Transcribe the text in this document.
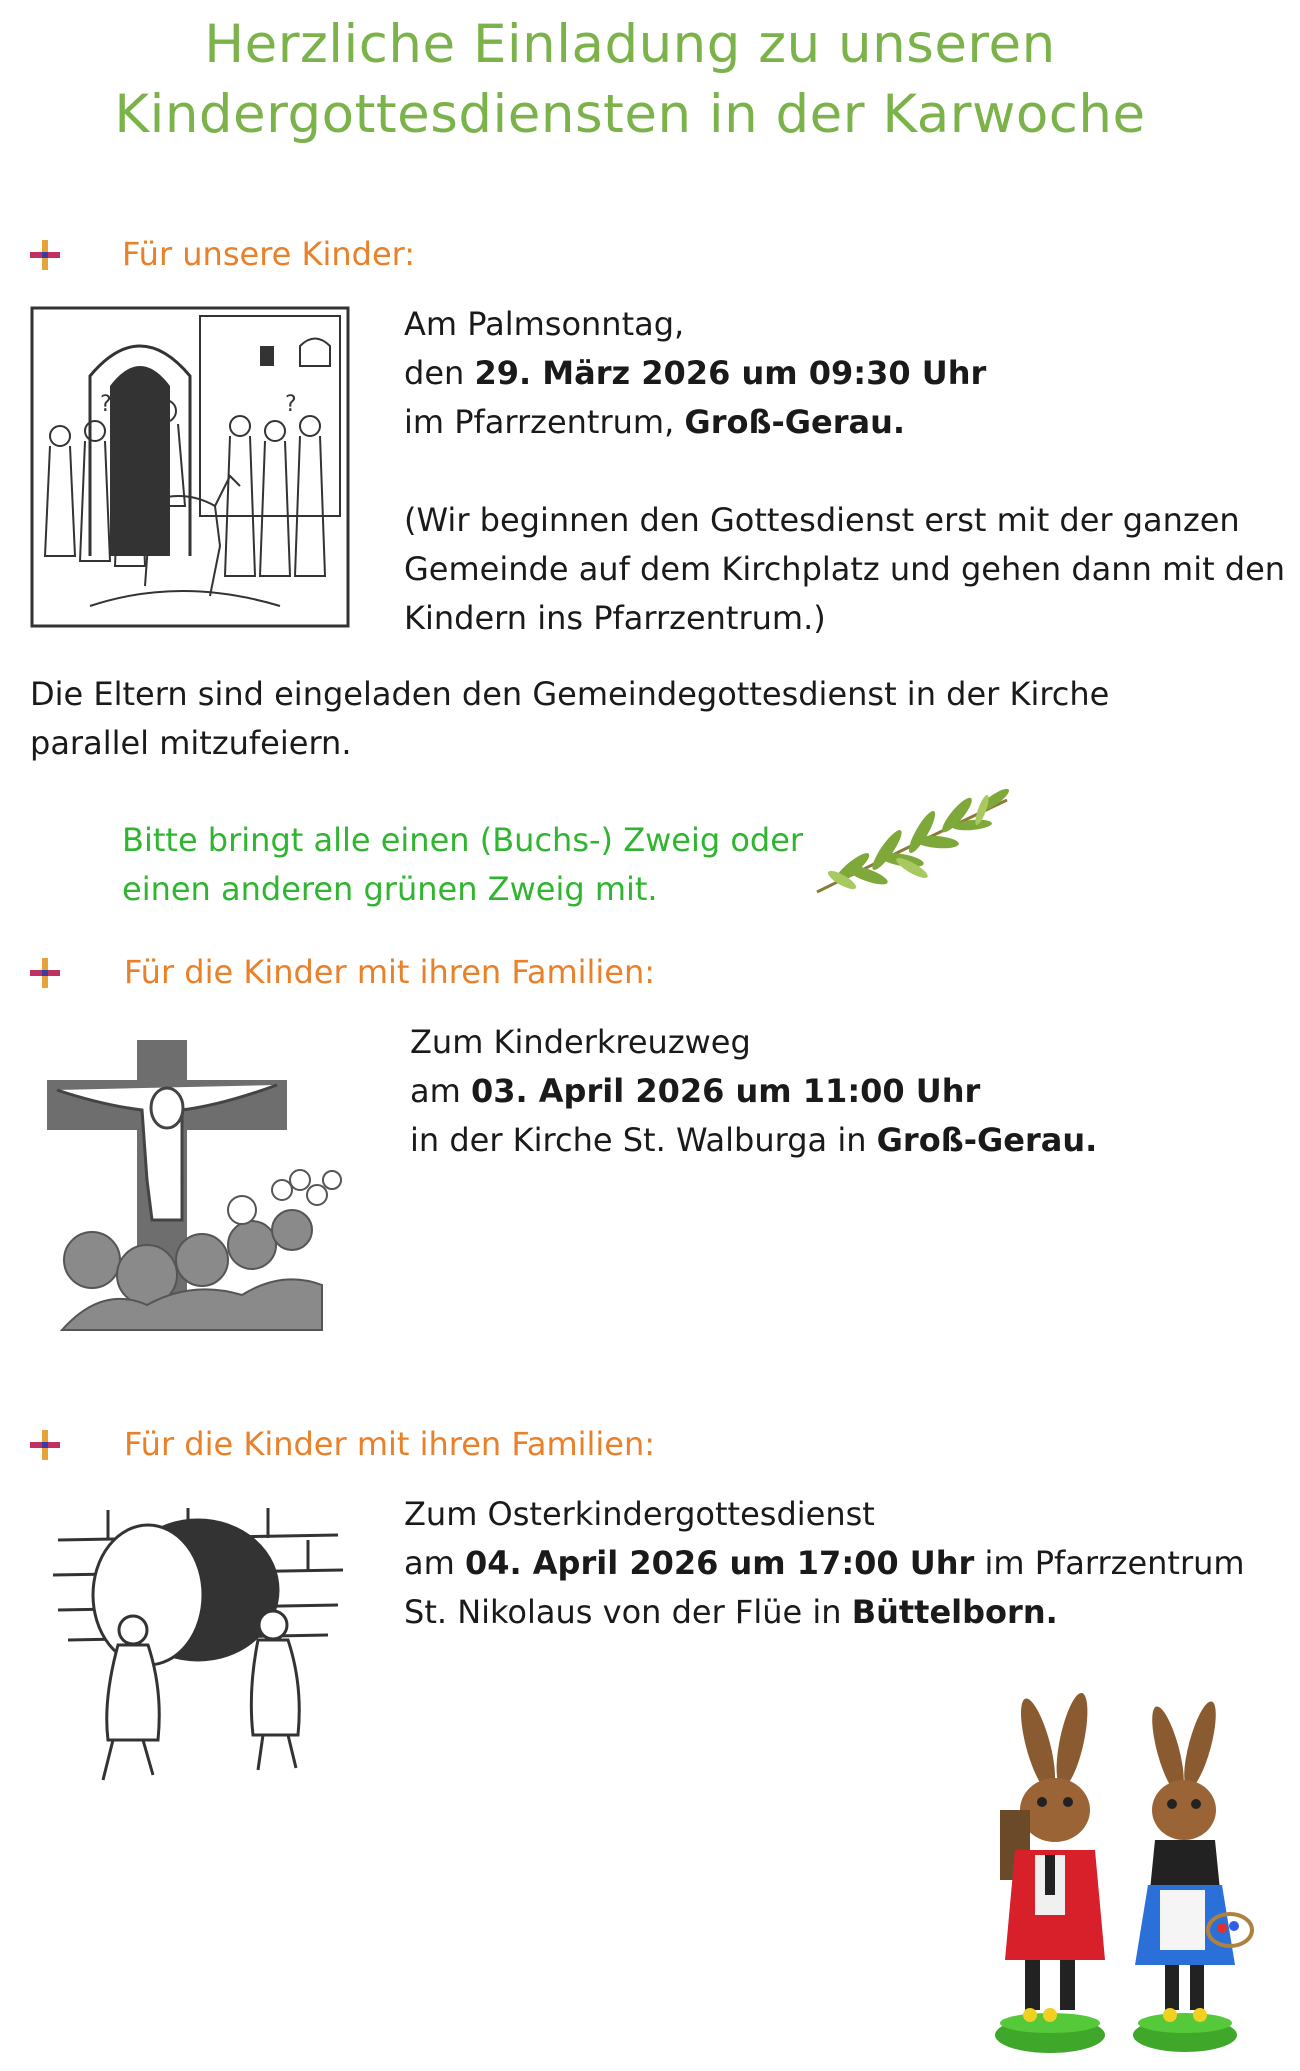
Herzliche Einladung zu unseren
Kindergottesdiensten in der Karwoche
Für unsere Kinder:
? ?	?
Am Palmsonntag,
den 29. März 2026 um 09:30 Uhr
im Pfarrzentrum, Groß-Gerau.
(Wir beginnen den Gottesdienst erst mit der ganzen
Gemeinde auf dem Kirchplatz und gehen dann mit den
Kindern ins Pfarrzentrum.)
Die Eltern sind eingeladen den Gemeindegottesdienst in der Kirche
parallel mitzufeiern.
Bitte bringt alle einen (Buchs-) Zweig oder
einen anderen grünen Zweig mit.
Für die Kinder mit ihren Familien:
Zum Kinderkreuzweg
am 03. April 2026 um 11:00 Uhr
in der Kirche St. Walburga in Groß-Gerau.
Für die Kinder mit ihren Familien:
Zum Osterkindergottesdienst
am 04. April 2026 um 17:00 Uhr im Pfarrzentrum
St. Nikolaus von der Flüe in Büttelborn.
